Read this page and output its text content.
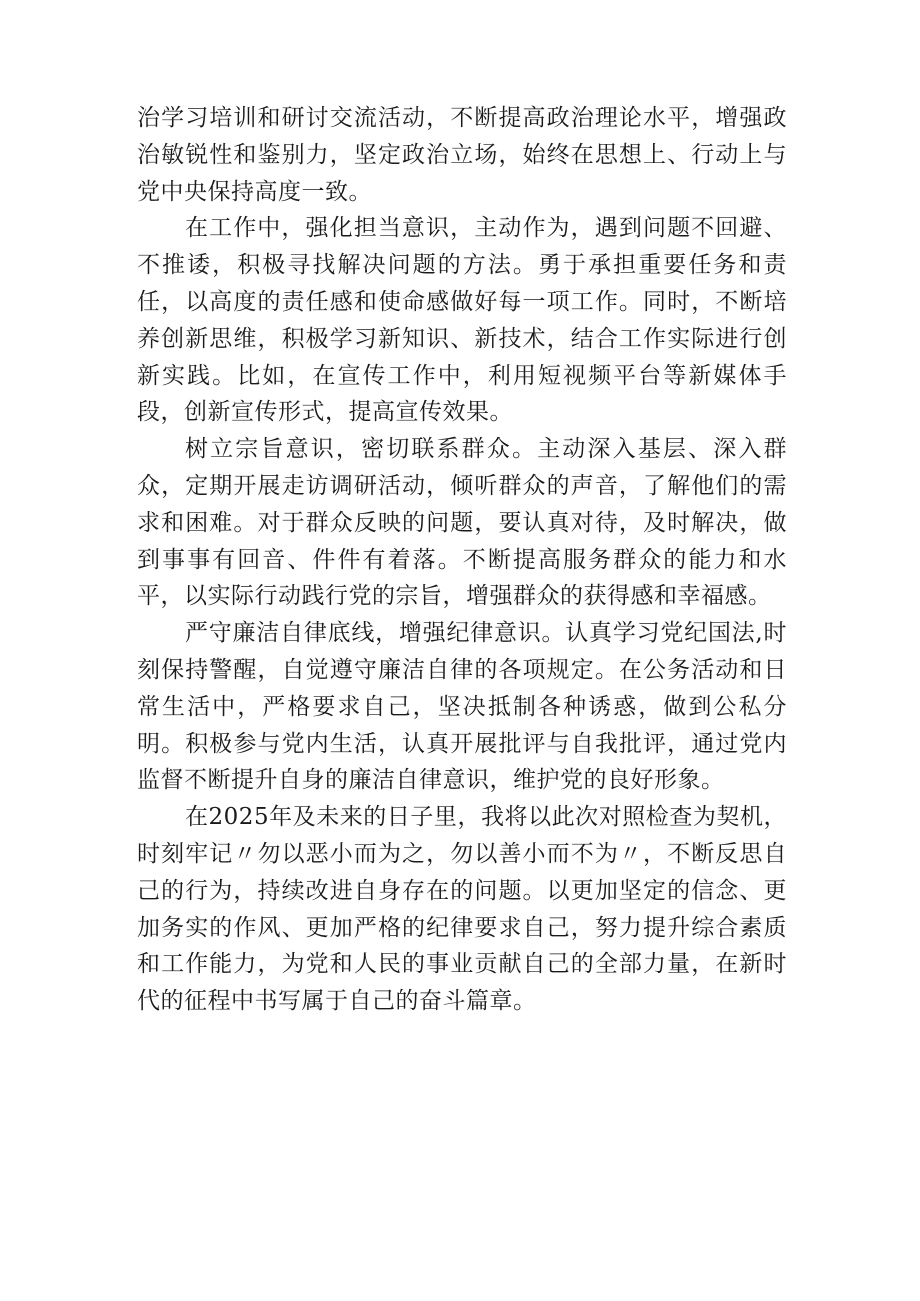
治学习培训和研讨交流活动，不断提高政治理论水平，增强政治敏锐性和鉴别力，坚定政治立场，始终在思想上、行动上与党中央保持高度一致。

在工作中，强化担当意识，主动作为，遇到问题不回避、不推诿，积极寻找解决问题的方法。勇于承担重要任务和责任，以高度的责任感和使命感做好每一项工作。同时，不断培养创新思维，积极学习新知识、新技术，结合工作实际进行创新实践。比如，在宣传工作中，利用短视频平台等新媒体手段，创新宣传形式，提高宣传效果。

树立宗旨意识，密切联系群众。主动深入基层、深入群众，定期开展走访调研活动，倾听群众的声音，了解他们的需求和困难。对于群众反映的问题，要认真对待，及时解决，做到事事有回音、件件有着落。不断提高服务群众的能力和水平，以实际行动践行党的宗旨，增强群众的获得感和幸福感。

严守廉洁自律底线，增强纪律意识。认真学习党纪国法,时刻保持警醒，自觉遵守廉洁自律的各项规定。在公务活动和日常生活中，严格要求自己，坚决抵制各种诱惑，做到公私分明。积极参与党内生活，认真开展批评与自我批评，通过党内监督不断提升自身的廉洁自律意识，维护党的良好形象。

在2025年及未来的日子里，我将以此次对照检查为契机，时刻牢记〃勿以恶小而为之，勿以善小而不为〃，不断反思自己的行为，持续改进自身存在的问题。以更加坚定的信念、更加务实的作风、更加严格的纪律要求自己，努力提升综合素质和工作能力，为党和人民的事业贡献自己的全部力量，在新时代的征程中书写属于自己的奋斗篇章。
